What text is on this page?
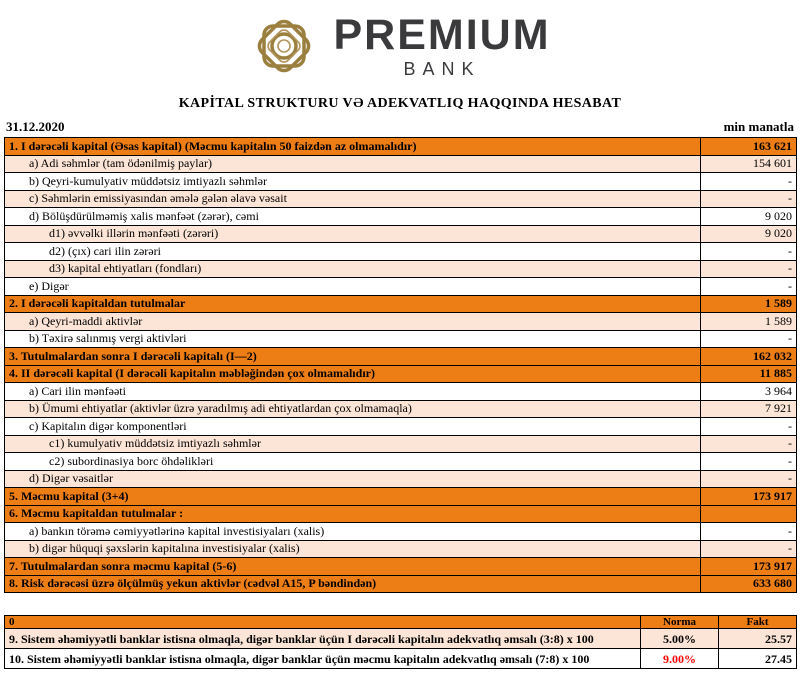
PREMIUM
BANK
KAPİTAL STRUKTURU VƏ ADEKVATLIQ HAQQINDA HESABAT
31.12.2020	min manatla
1. I dərəcəli kapital (Əsas kapital) (Məcmu kapitalın 50 faizdən az olmamalıdır)	163 621
a) Adi səhmlər (tam ödənilmiş paylar)	154 601
b) Qeyri-kumulyativ müddətsiz imtiyazlı səhmlər	-
c) Səhmlərin emissiyasından əmələ gələn əlavə vəsait	-
d) Bölüşdürülməmiş xalis mənfəət (zərər), cəmi	9 020
d1) əvvəlki illərin mənfəəti (zərəri)	9 020
d2) (çıx) cari ilin zərəri	-
d3) kapital ehtiyatları (fondları)	-
e) Digər	-
2. I dərəcəli kapitaldan tutulmalar	1 589
a) Qeyri-maddi aktivlər	1 589
b) Təxirə salınmış vergi aktivləri	-
3. Tutulmalardan sonra I dərəcəli kapitalı (I—2)	162 032
4. II dərəcəli kapital (I dərəcəli kapitalın məbləğindən çox olmamalıdır)	11 885
a) Cari ilin mənfəəti	3 964
b) Ümumi ehtiyatlar (aktivlər üzrə yaradılmış adi ehtiyatlardan çox olmamaqla)	7 921
c) Kapitalın digər komponentləri	-
c1) kumulyativ müddətsiz imtiyazlı səhmlər	-
c2) subordinasiya borc öhdəlikləri	-
d) Digər vəsaitlər	-
5. Məcmu kapital (3+4)	173 917
6. Məcmu kapitaldan tutulmalar :	
a) bankın törəmə cəmiyyətlərinə kapital investisiyaları (xalis)	-
b) digər hüquqi şəxslərin kapitalına investisiyalar (xalis)	-
7. Tutulmalardan sonra məcmu kapital (5-6)	173 917
8. Risk dərəcəsi üzrə ölçülmüş yekun aktivlər (cədvəl A15, P bəndindən)	633 680
0	Norma	Fakt
9. Sistem əhəmiyyətli banklar istisna olmaqla, digər banklar üçün I dərəcəli kapitalın adekvatlıq əmsalı (3:8) x 100	5.00%	25.57
10. Sistem əhəmiyyətli banklar istisna olmaqla, digər banklar üçün məcmu kapitalın adekvatlıq əmsalı (7:8) x 100	9.00%	27.45
